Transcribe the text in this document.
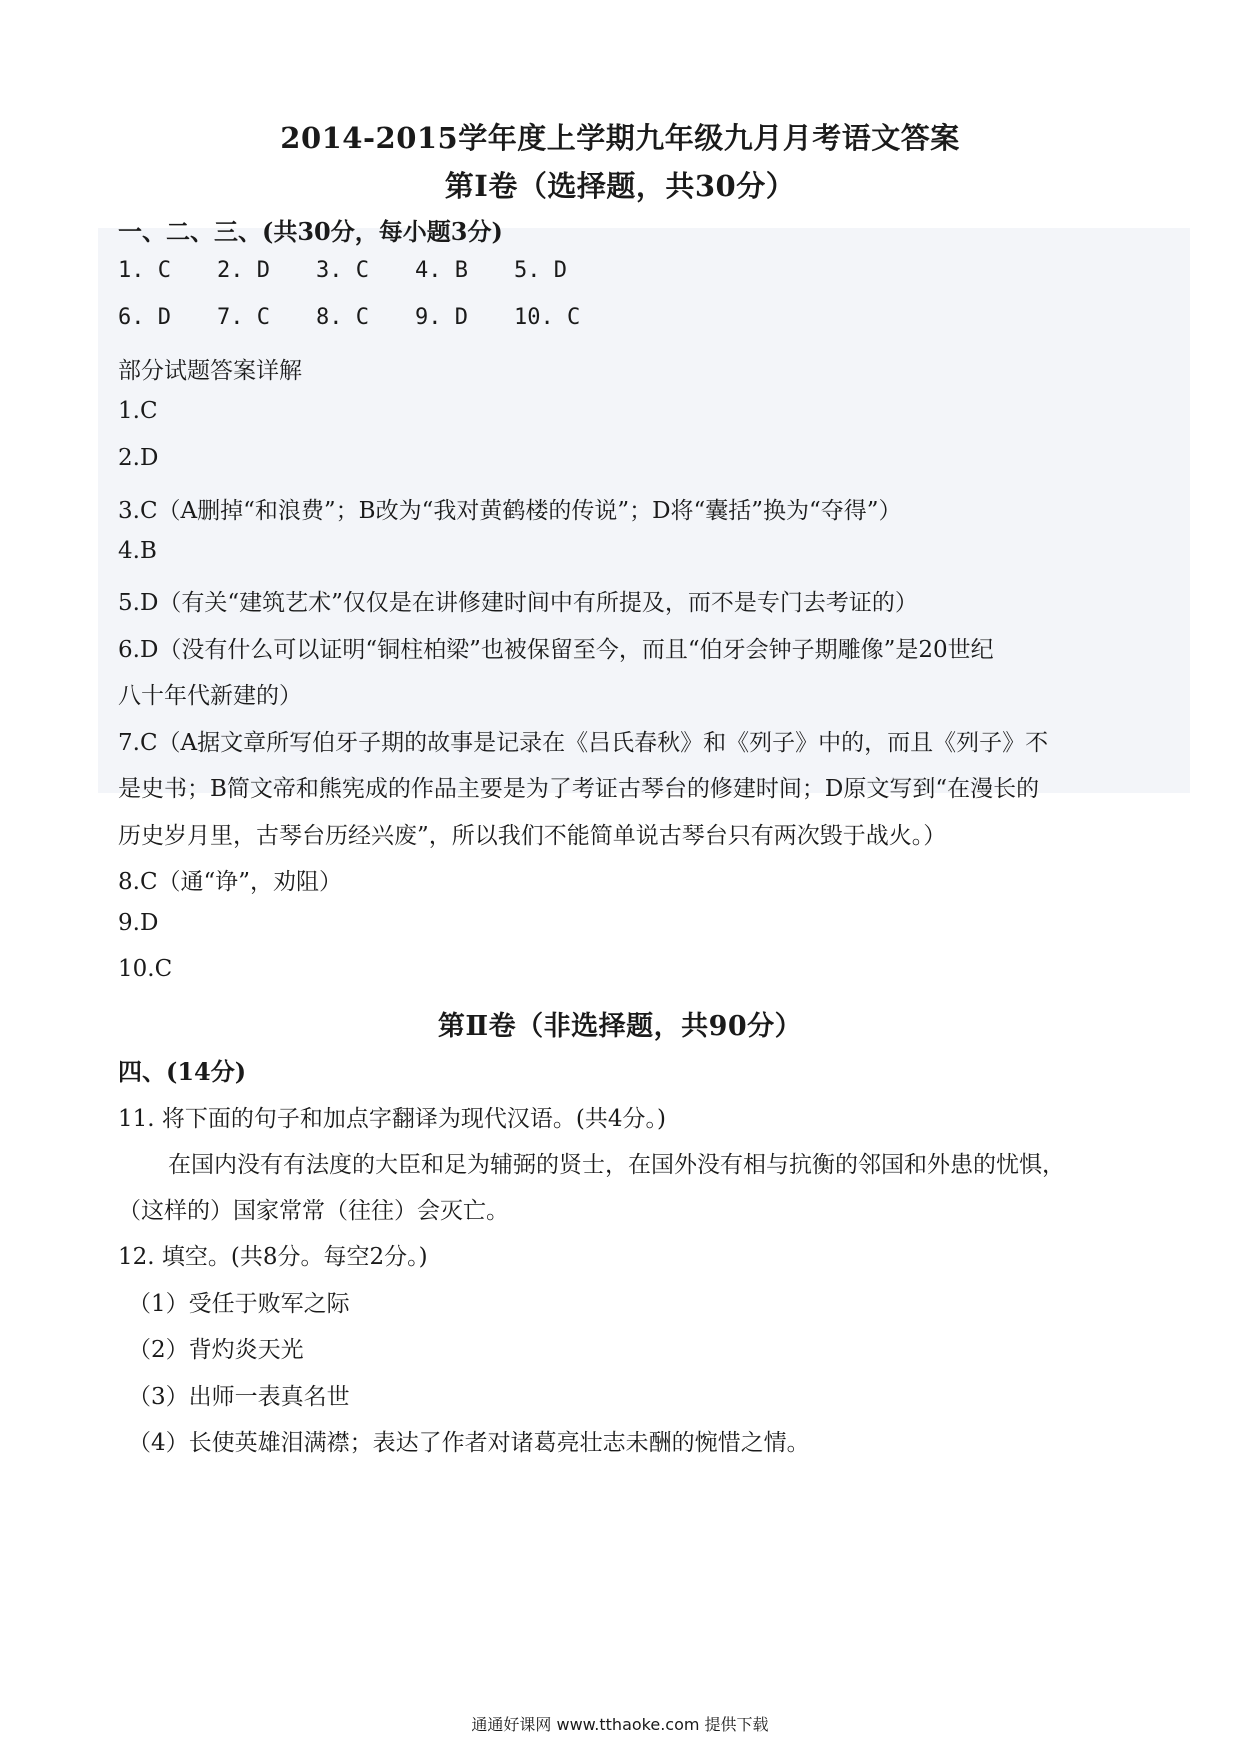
2014-2015学年度上学期九年级九月月考语文答案
第Ⅰ卷（选择题，共30分）
一、二、三、(共30分，每小题3分)
1. C 2. D 3. C 4. B 5. D
6. D 7. C 8. C 9. D 10. C
部分试题答案详解
1.C
2.D
3.C（A删掉“和浪费”；B改为“我对黄鹤楼的传说”；D将“囊括”换为“夺得”）
4.B
5.D（有关“建筑艺术”仅仅是在讲修建时间中有所提及，而不是专门去考证的）
6.D（没有什么可以证明“铜柱柏梁”也被保留至今，而且“伯牙会钟子期雕像”是20世纪
八十年代新建的）
7.C（A据文章所写伯牙子期的故事是记录在《吕氏春秋》和《列子》中的，而且《列子》不
是史书；B简文帝和熊宪成的作品主要是为了考证古琴台的修建时间；D原文写到“在漫长的
历史岁月里，古琴台历经兴废”，所以我们不能简单说古琴台只有两次毁于战火。）
8.C（通“诤”，劝阻）
9.D
10.C
第Ⅱ卷（非选择题，共90分）
四、(14分)
11. 将下面的句子和加点字翻译为现代汉语。(共4分。)
在国内没有有法度的大臣和足为辅弼的贤士，在国外没有相与抗衡的邻国和外患的忧惧，
（这样的）国家常常（往往）会灭亡。
12. 填空。(共8分。每空2分。)
（1）受任于败军之际
（2）背灼炎天光
（3）出师一表真名世
（4）长使英雄泪满襟；表达了作者对诸葛亮壮志未酬的惋惜之情。
通通好课网 www.tthaoke.com 提供下载
